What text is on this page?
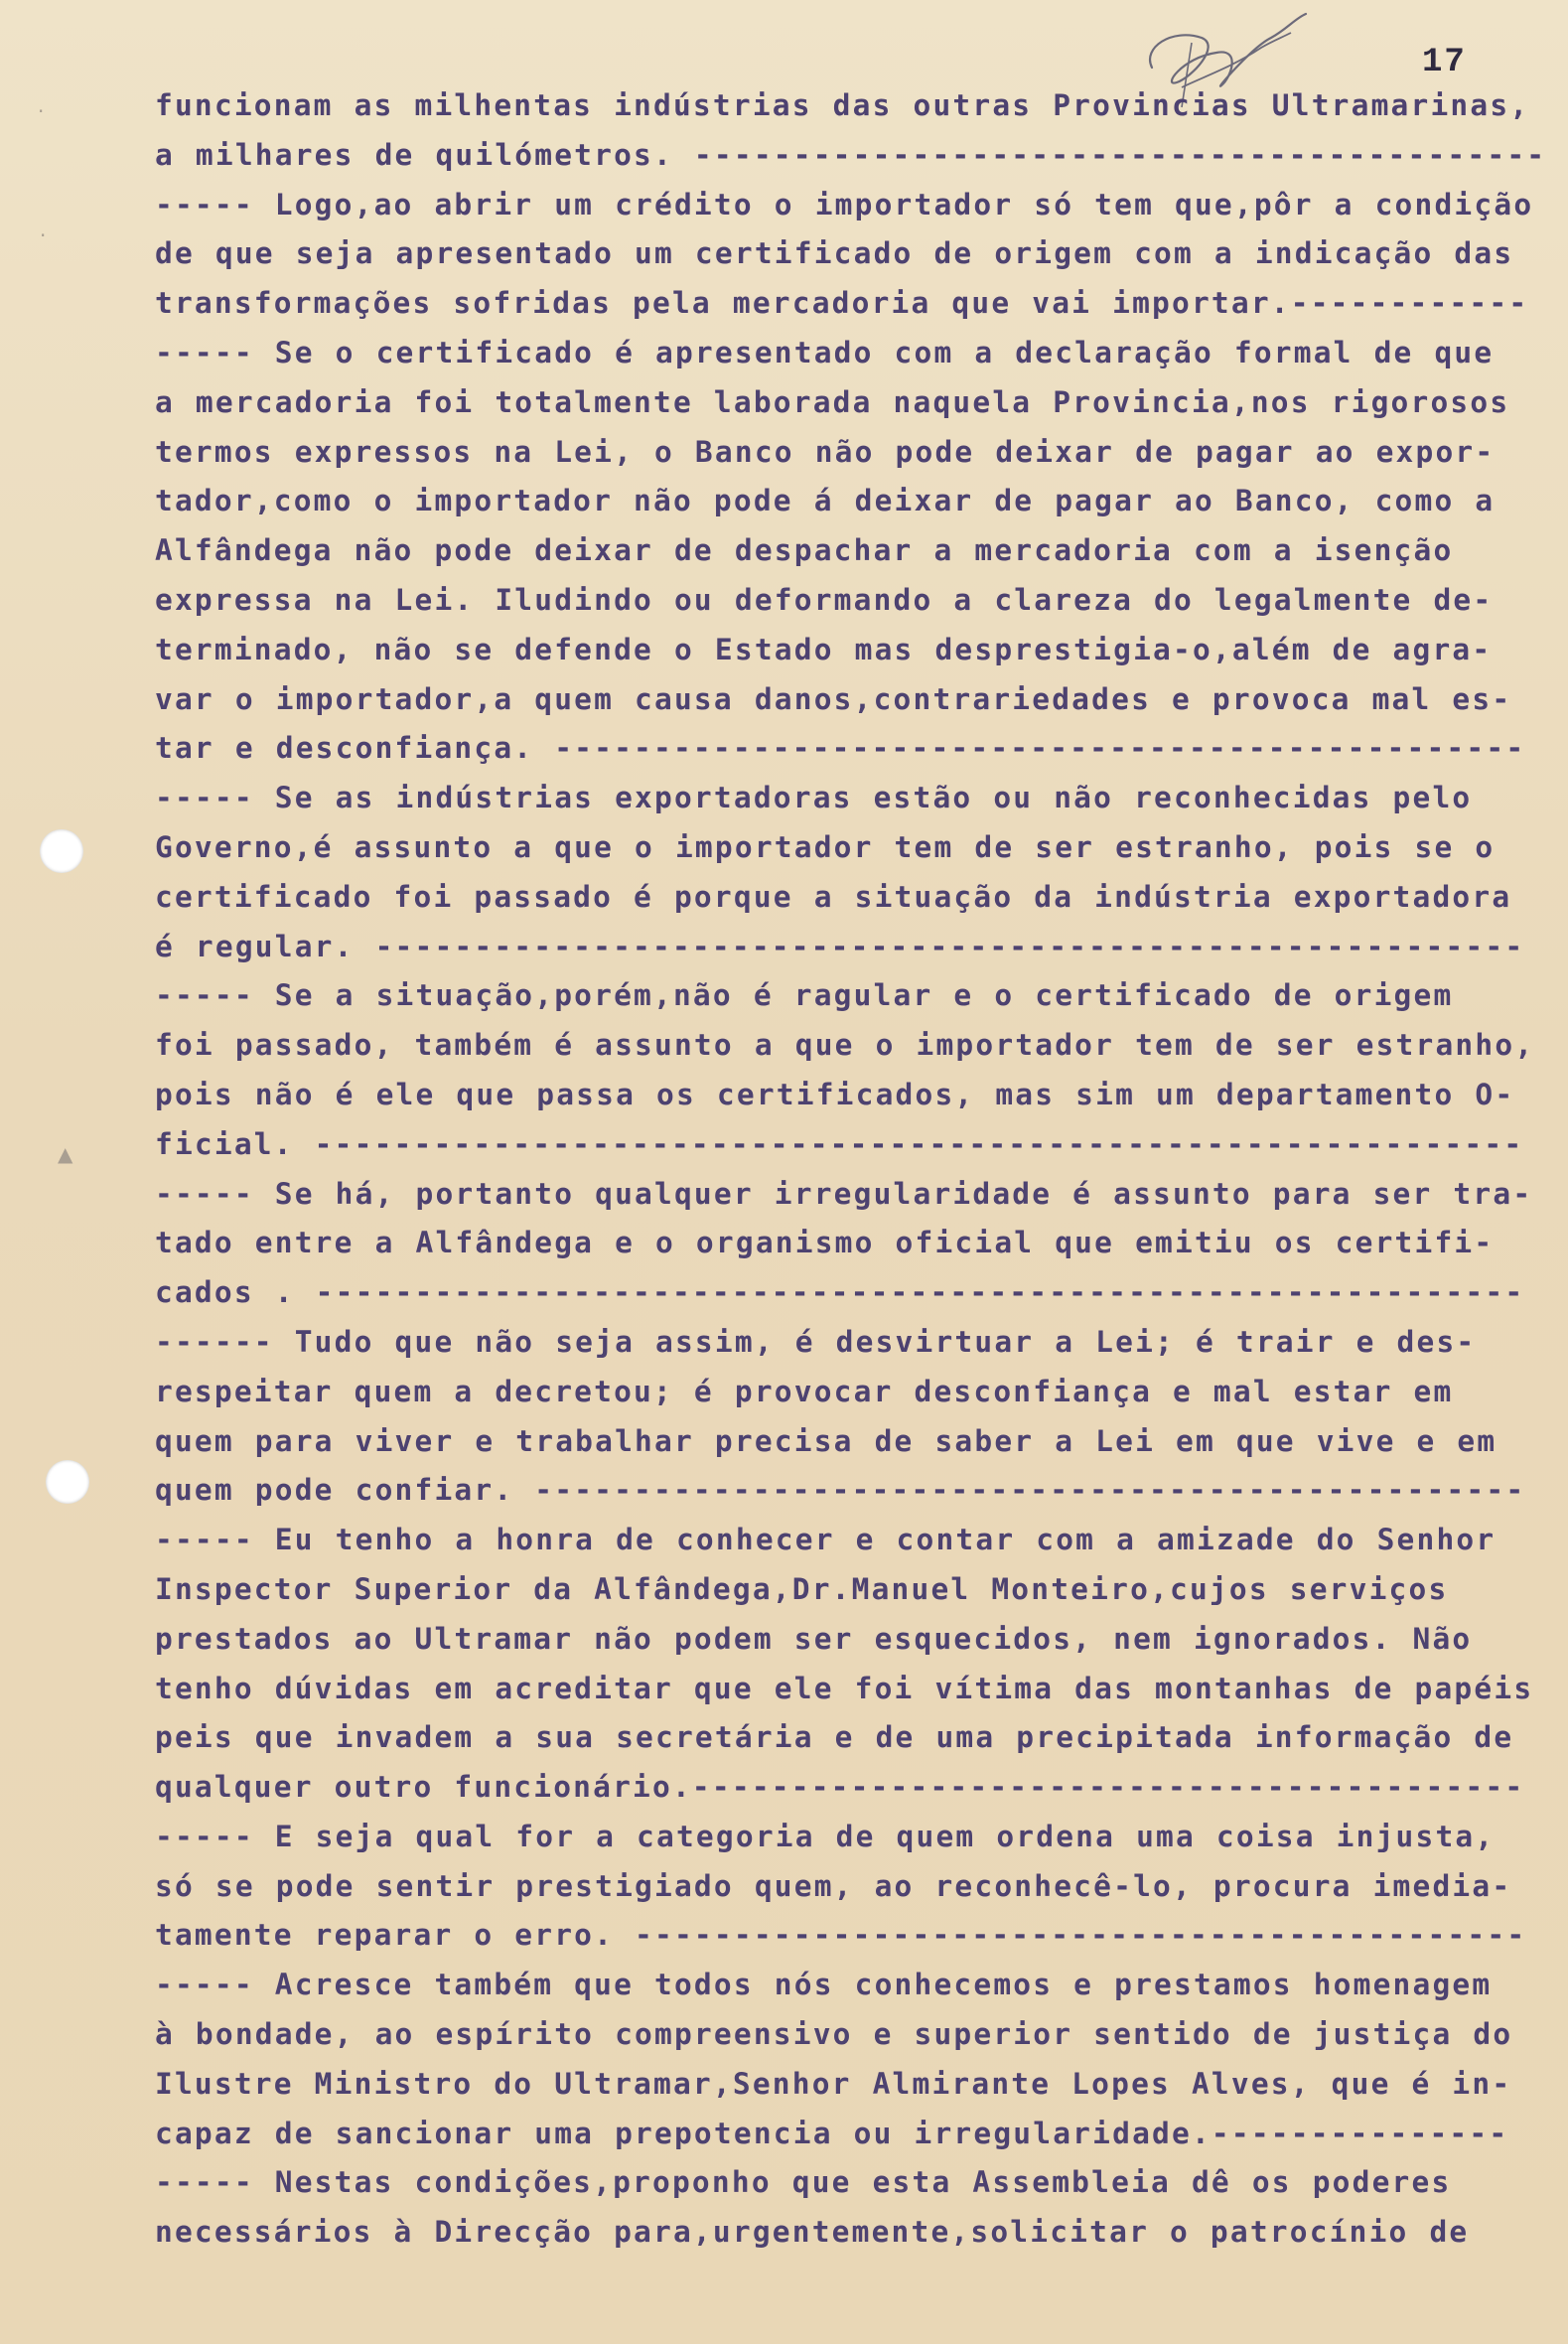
17
·
·
▲
funcionam as milhentas indústrias das outras Provincias Ultramarinas,
a milhares de quilómetros. -------------------------------------------
----- Logo,ao abrir um crédito o importador só tem que,pôr a condição
de que seja apresentado um certificado de origem com a indicação das
transformações sofridas pela mercadoria que vai importar.------------
----- Se o certificado é apresentado com a declaração formal de que
a mercadoria foi totalmente laborada naquela Provincia,nos rigorosos
termos expressos na Lei, o Banco não pode deixar de pagar ao expor-
tador,como o importador não pode á deixar de pagar ao Banco, como a
Alfândega não pode deixar de despachar a mercadoria com a isenção
expressa na Lei. Iludindo ou deformando a clareza do legalmente de-
terminado, não se defende o Estado mas desprestigia-o,além de agra-
var o importador,a quem causa danos,contrariedades e provoca mal es-
tar e desconfiança. -------------------------------------------------
----- Se as indústrias exportadoras estão ou não reconhecidas pelo
Governo,é assunto a que o importador tem de ser estranho, pois se o
certificado foi passado é porque a situação da indústria exportadora
é regular. ----------------------------------------------------------
----- Se a situação,porém,não é ragular e o certificado de origem
foi passado, também é assunto a que o importador tem de ser estranho,
pois não é ele que passa os certificados, mas sim um departamento O-
ficial. -------------------------------------------------------------
----- Se há, portanto qualquer irregularidade é assunto para ser tra-
tado entre a Alfândega e o organismo oficial que emitiu os certifi-
cados . -------------------------------------------------------------
------ Tudo que não seja assim, é desvirtuar a Lei; é trair e des-
respeitar quem a decretou; é provocar desconfiança e mal estar em
quem para viver e trabalhar precisa de saber a Lei em que vive e em
quem pode confiar. --------------------------------------------------
----- Eu tenho a honra de conhecer e contar com a amizade do Senhor
Inspector Superior da Alfândega,Dr.Manuel Monteiro,cujos serviços
prestados ao Ultramar não podem ser esquecidos, nem ignorados. Não
tenho dúvidas em acreditar que ele foi vítima das montanhas de papéis
peis que invadem a sua secretária e de uma precipitada informação de
qualquer outro funcionário.------------------------------------------
----- E seja qual for a categoria de quem ordena uma coisa injusta,
só se pode sentir prestigiado quem, ao reconhecê-lo, procura imedia-
tamente reparar o erro. ---------------------------------------------
----- Acresce também que todos nós conhecemos e prestamos homenagem
à bondade, ao espírito compreensivo e superior sentido de justiça do
Ilustre Ministro do Ultramar,Senhor Almirante Lopes Alves, que é in-
capaz de sancionar uma prepotencia ou irregularidade.---------------
----- Nestas condições,proponho que esta Assembleia dê os poderes
necessários à Direcção para,urgentemente,solicitar o patrocínio de
